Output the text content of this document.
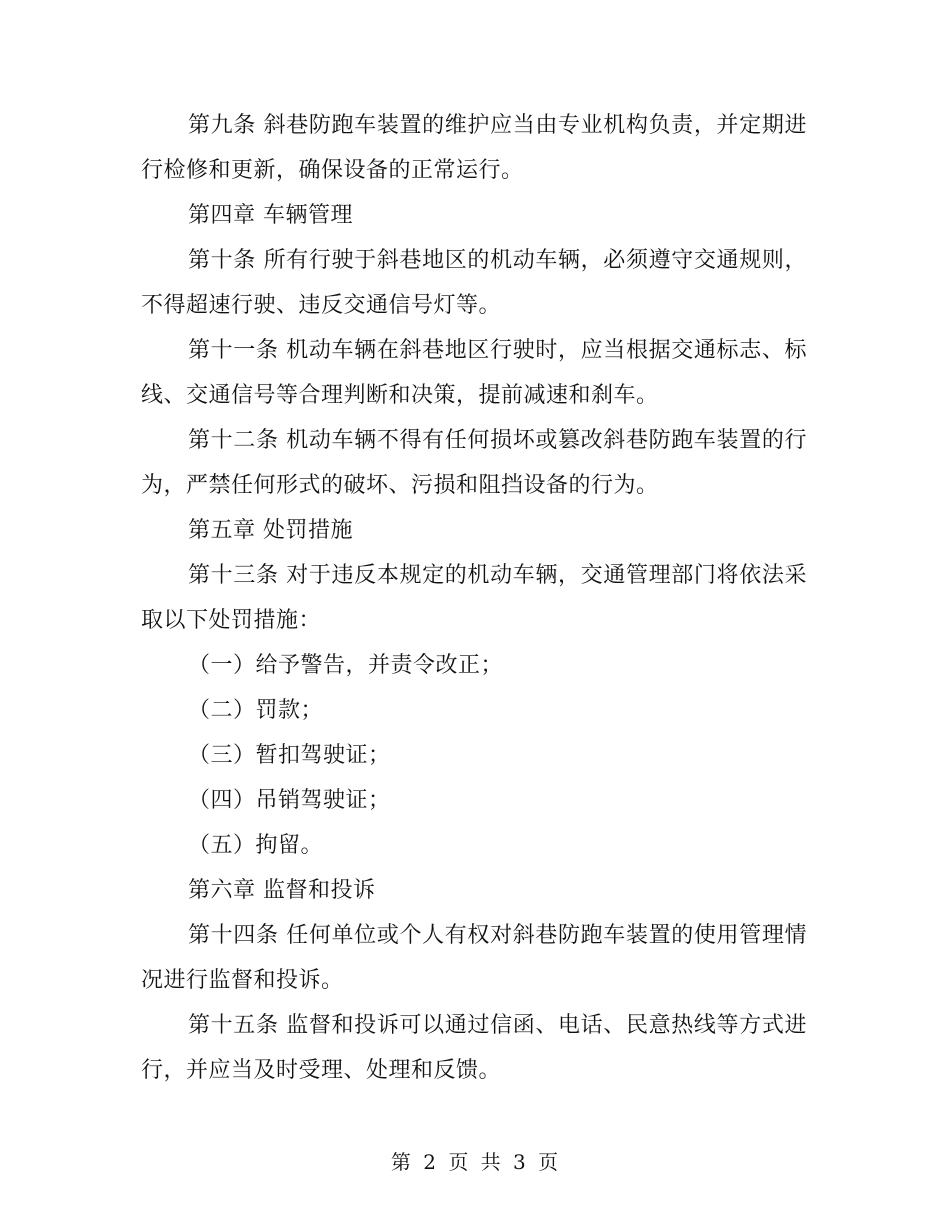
第九条 斜巷防跑车装置的维护应当由专业机构负责，并定期进行检修和更新，确保设备的正常运行。

第四章 车辆管理

第十条 所有行驶于斜巷地区的机动车辆，必须遵守交通规则，不得超速行驶、违反交通信号灯等。

第十一条 机动车辆在斜巷地区行驶时，应当根据交通标志、标线、交通信号等合理判断和决策，提前减速和刹车。

第十二条 机动车辆不得有任何损坏或篡改斜巷防跑车装置的行为，严禁任何形式的破坏、污损和阻挡设备的行为。

第五章 处罚措施

第十三条 对于违反本规定的机动车辆，交通管理部门将依法采取以下处罚措施：

（一）给予警告，并责令改正；

（二）罚款；

（三）暂扣驾驶证；

（四）吊销驾驶证；

（五）拘留。

第六章 监督和投诉

第十四条 任何单位或个人有权对斜巷防跑车装置的使用管理情况进行监督和投诉。

第十五条 监督和投诉可以通过信函、电话、民意热线等方式进行，并应当及时受理、处理和反馈。

第 2 页 共 3 页
